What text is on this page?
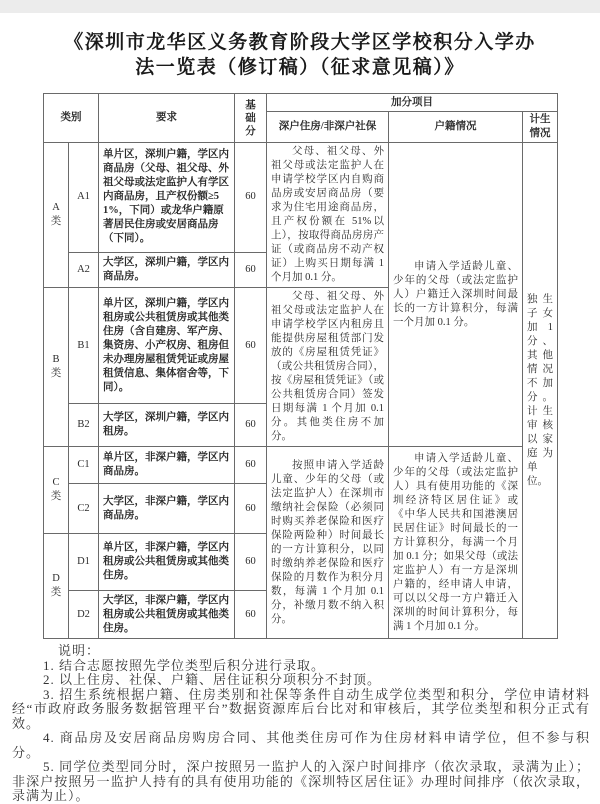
《深圳市龙华区义务教育阶段大学区学校积分入学办
法一览表（修订稿）（征求意见稿）》
类别		要求	基础分	加分项目		
				深户住房/非深户社保	户籍情况	计生情况
A类	A1	单片区，深圳户籍，学区内商品房（父母、祖父母、外祖父母或法定监护人有学区内商品房，且产权份额≥51%，下同）或龙华户籍原著居民住房或安居商品房（下同）。	60	父母、祖父母、外祖父母或法定监护人在申请学校学区内自购商品房或安居商品房（要求为住宅用途商品房，且产权份额在 51%以上），按取得商品房房产证（或商品房不动产权证）上购买日期每满 1 个月加 0.1 分。	申请入学适龄儿童、少年的父母（或法定监护人）户籍迁入深圳时间最长的一方计算积分，每满一个月加 0.1 分。	独生子女加 1 分、其他情况不加分。计生审核以家庭为单位。
	A2	大学区，深圳户籍，学区内商品房。	60			
B类	B1	单片区，深圳户籍，学区内租房或公共租赁房或其他类住房（含自建房、军产房、集资房、小产权房、租房但未办理房屋租赁凭证或房屋租赁信息、集体宿舍等，下同）。	60	父母、祖父母、外祖父母或法定监护人在申请学校学区内租房且能提供房屋租赁部门发放的《房屋租赁凭证》（或公共租赁房合同），按《房屋租赁凭证》（或公共租赁房合同）签发日期每满 1 个月加 0.1 分。其他类住房不加分。		
	B2	大学区，深圳户籍，学区内租房。	60			
C类	C1	单片区，非深户籍，学区内商品房。	60	按照申请入学适龄儿童、少年的父母（或法定监护人）在深圳市缴纳社会保险（必须同时购买养老保险和医疗保险两险种）时间最长的一方计算积分，以同时缴纳养老保险和医疗保险的月数作为积分月数，每满 1 个月加 0.1 分，补缴月数不纳入积分。	申请入学适龄儿童、少年的父母（或法定监护人）具有使用功能的《深圳经济特区居住证》或《中华人民共和国港澳居民居住证》时间最长的一方计算积分，每满一个月加 0.1 分；如果父母（或法定监护人）有一方是深圳户籍的，经申请人申请，可以以父母一方户籍迁入深圳的时间计算积分，每满 1 个月加 0.1 分。	
	C2	大学区，非深户籍，学区内商品房。	60			
D类	D1	单片区，非深户籍，学区内租房或公共租赁房或其他类住房。	60			
	D2	大学区，非深户籍，学区内租房或公共租赁房或其他类住房。	60			
说明：

1. 结合志愿按照先学位类型后积分进行录取。

2. 以上住房、社保、户籍、居住证积分项积分不封顶。

3. 招生系统根据户籍、住房类别和社保等条件自动生成学位类型和积分，学位申请材料经“市政府政务服务数据管理平台”数据资源库后台比对和审核后，其学位类型和积分正式有效。

4. 商品房及安居商品房购房合同、其他类住房可作为住房材料申请学位，但不参与积分。

5. 同学位类型同分时，深户按照另一监护人的入深户时间排序（依次录取，录满为止）；非深户按照另一监护人持有的具有使用功能的《深圳特区居住证》办理时间排序（依次录取，录满为止）。
